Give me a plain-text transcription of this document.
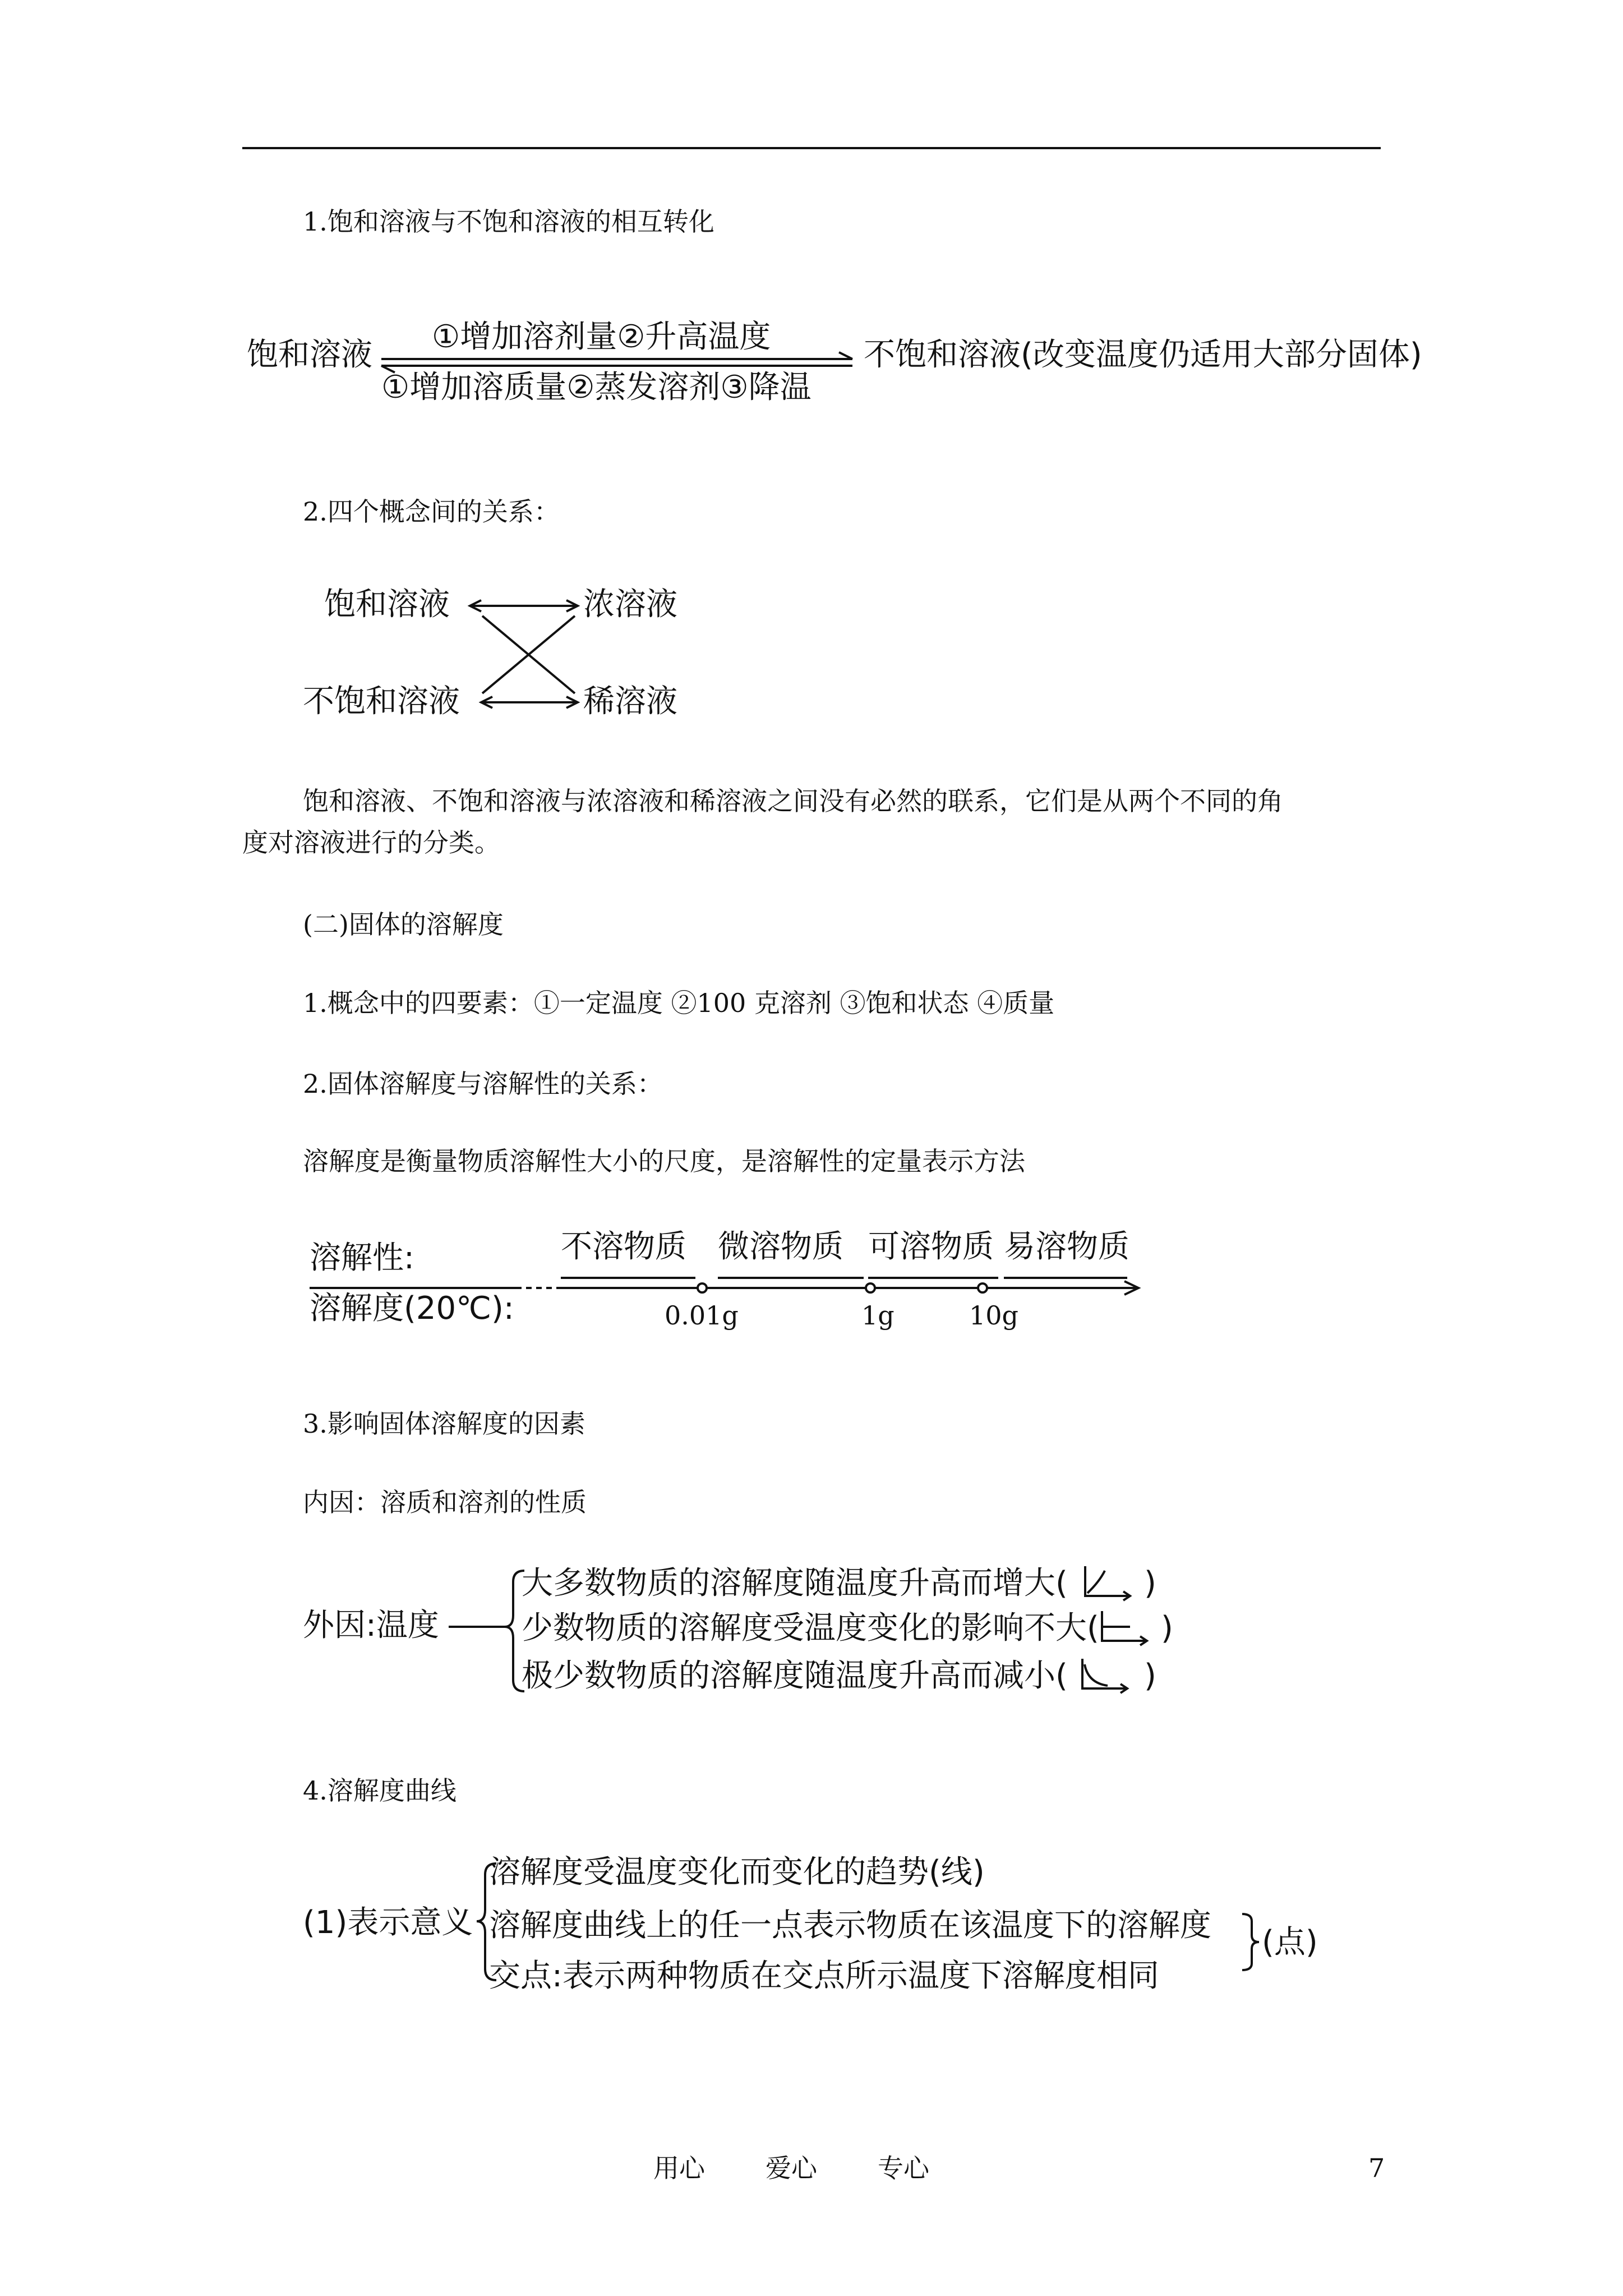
1.饱和溶液与不饱和溶液的相互转化
饱和溶液 ①增加溶剂量②升高温度
①增加溶质量②蒸发溶剂③降温
不饱和溶液(改变温度仍适用大部分固体)
2.四个概念间的关系：
饱和溶液	浓溶液
不饱和溶液	稀溶液
饱和溶液、不饱和溶液与浓溶液和稀溶液之间没有必然的联系，它们是从两个不同的角
度对溶液进行的分类。
(二)固体的溶解度
1.概念中的四要素：①一定温度 ②100 克溶剂 ③饱和状态 ④质量
2.固体溶解度与溶解性的关系：
溶解度是衡量物质溶解性大小的尺度，是溶解性的定量表示方法
溶解性:
溶解度(20℃):
不溶物质 微溶物质 可溶物质 易溶物质
0.01g	1g	10g
3.影响固体溶解度的因素
内因：溶质和溶剂的性质
外因:温度
大多数物质的溶解度随温度升高而增大(
少数物质的溶解度受温度变化的影响不大(
极少数物质的溶解度随温度升高而减小(
)
)
)
4.溶解度曲线
(1)表示意义
溶解度受温度变化而变化的趋势(线)
溶解度曲线上的任一点表示物质在该温度下的溶解度
交点:表示两种物质在交点所示温度下溶解度相同
(点)
用心 爱心 专心	7
